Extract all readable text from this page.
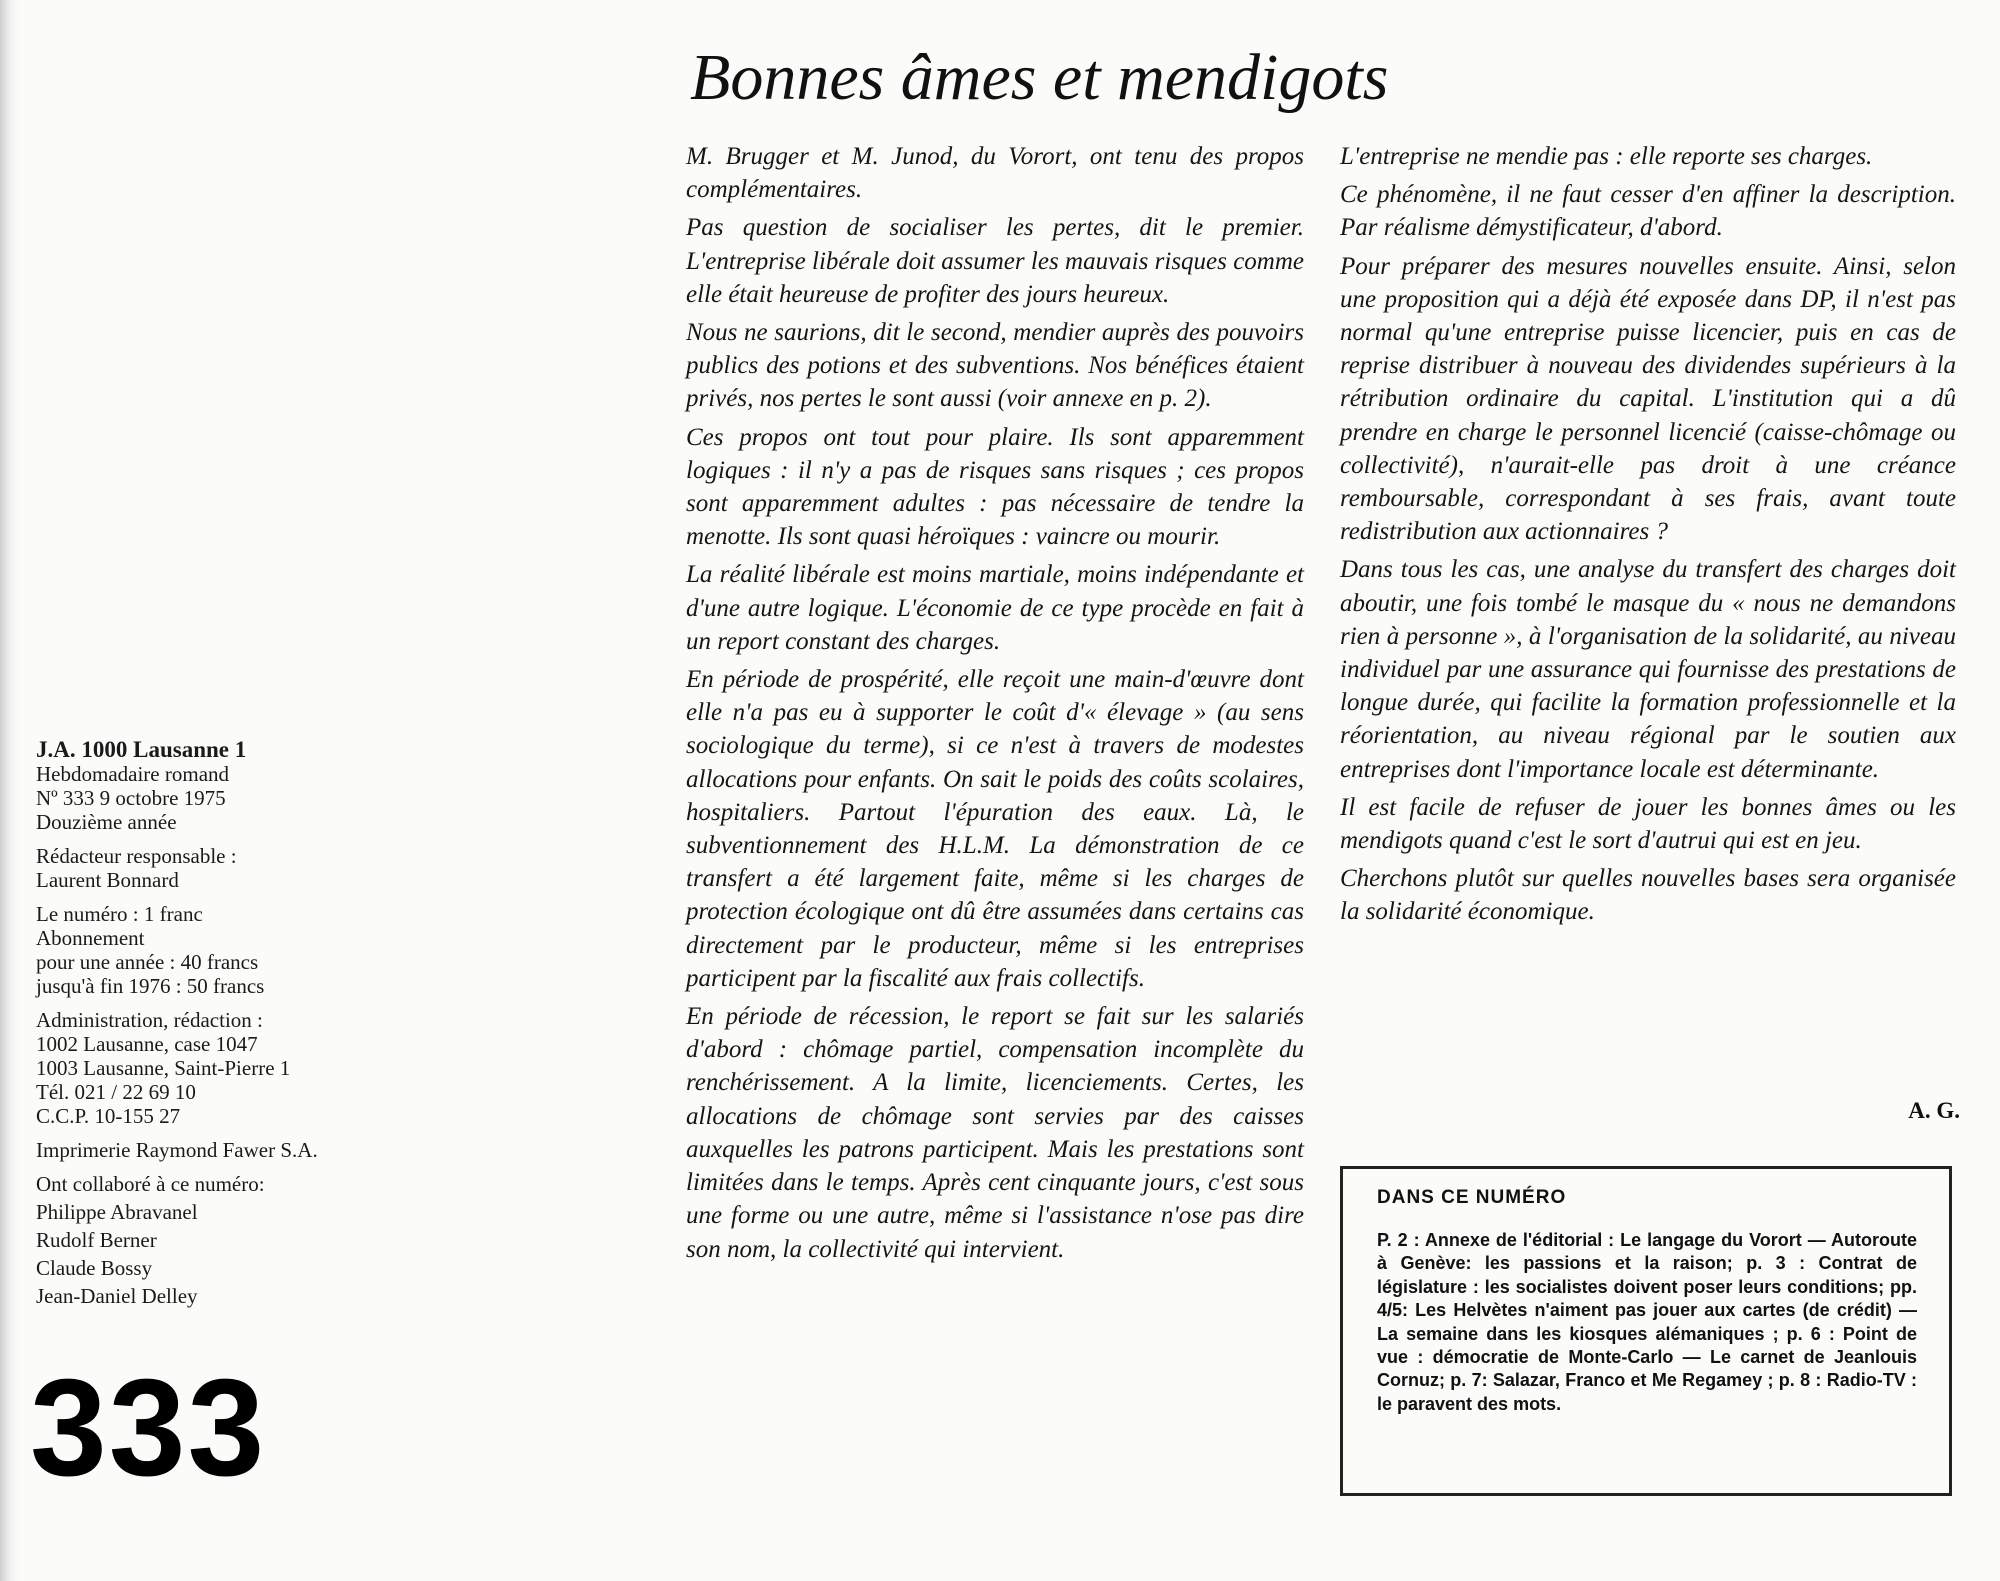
J.A. 1000 Lausanne 1
Hebdomadaire romand
Nº 333 9 octobre 1975
Douzième année
Rédacteur responsable :
Laurent Bonnard
Le numéro : 1 franc
Abonnement
pour une année : 40 francs
jusqu'à fin 1976 : 50 francs
Administration, rédaction :
1002 Lausanne, case 1047
1003 Lausanne, Saint-Pierre 1
Tél. 021 / 22 69 10
C.C.P. 10-155 27
Imprimerie Raymond Fawer S.A.
Ont collaboré à ce numéro:
Philippe Abravanel
Rudolf Berner
Claude Bossy
Jean-Daniel Delley
333
Bonnes âmes et mendigots

M. Brugger et M. Junod, du Vorort, ont tenu des propos complémentaires.

Pas question de socialiser les pertes, dit le premier. L'entreprise libérale doit assumer les mauvais risques comme elle était heureuse de profiter des jours heureux.

Nous ne saurions, dit le second, mendier auprès des pouvoirs publics des potions et des subventions. Nos bénéfices étaient privés, nos pertes le sont aussi (voir annexe en p. 2).

Ces propos ont tout pour plaire. Ils sont apparemment logiques : il n'y a pas de risques sans risques ; ces propos sont apparemment adultes : pas nécessaire de tendre la menotte. Ils sont quasi héroïques : vaincre ou mourir.

La réalité libérale est moins martiale, moins indépendante et d'une autre logique. L'économie de ce type procède en fait à un report constant des charges.

En période de prospérité, elle reçoit une main-d'œuvre dont elle n'a pas eu à supporter le coût d'« élevage » (au sens sociologique du terme), si ce n'est à travers de modestes allocations pour enfants. On sait le poids des coûts scolaires, hospitaliers. Partout l'épuration des eaux. Là, le subventionnement des H.L.M. La démonstration de ce transfert a été largement faite, même si les charges de protection écologique ont dû être assumées dans certains cas directement par le producteur, même si les entreprises participent par la fiscalité aux frais collectifs.

En période de récession, le report se fait sur les salariés d'abord : chômage partiel, compensation incomplète du renchérissement. A la limite, licenciements. Certes, les allocations de chômage sont servies par des caisses auxquelles les patrons participent. Mais les prestations sont limitées dans le temps. Après cent cinquante jours, c'est sous une forme ou une autre, même si l'assistance n'ose pas dire son nom, la collectivité qui intervient.

L'entreprise ne mendie pas : elle reporte ses charges.

Ce phénomène, il ne faut cesser d'en affiner la description. Par réalisme démystificateur, d'abord.

Pour préparer des mesures nouvelles ensuite. Ainsi, selon une proposition qui a déjà été exposée dans DP, il n'est pas normal qu'une entreprise puisse licencier, puis en cas de reprise distribuer à nouveau des dividendes supérieurs à la rétribution ordinaire du capital. L'institution qui a dû prendre en charge le personnel licencié (caisse-chômage ou collectivité), n'aurait-elle pas droit à une créance remboursable, correspondant à ses frais, avant toute redistribution aux actionnaires ?

Dans tous les cas, une analyse du transfert des charges doit aboutir, une fois tombé le masque du « nous ne demandons rien à personne », à l'organisation de la solidarité, au niveau individuel par une assurance qui fournisse des prestations de longue durée, qui facilite la formation professionnelle et la réorientation, au niveau régional par le soutien aux entreprises dont l'importance locale est déterminante.

Il est facile de refuser de jouer les bonnes âmes ou les mendigots quand c'est le sort d'autrui qui est en jeu.

Cherchons plutôt sur quelles nouvelles bases sera organisée la solidarité économique.

A. G.
DANS CE NUMÉRO
P. 2 : Annexe de l'éditorial : Le langage du Vorort — Autoroute à Genève: les passions et la raison; p. 3 : Contrat de législature : les socialistes doivent poser leurs conditions; pp. 4/5: Les Helvètes n'aiment pas jouer aux cartes (de crédit) — La semaine dans les kiosques alémaniques ; p. 6 : Point de vue : démocratie de Monte-Carlo — Le carnet de Jeanlouis Cornuz; p. 7: Salazar, Franco et Me Regamey ; p. 8 : Radio-TV : le paravent des mots.
